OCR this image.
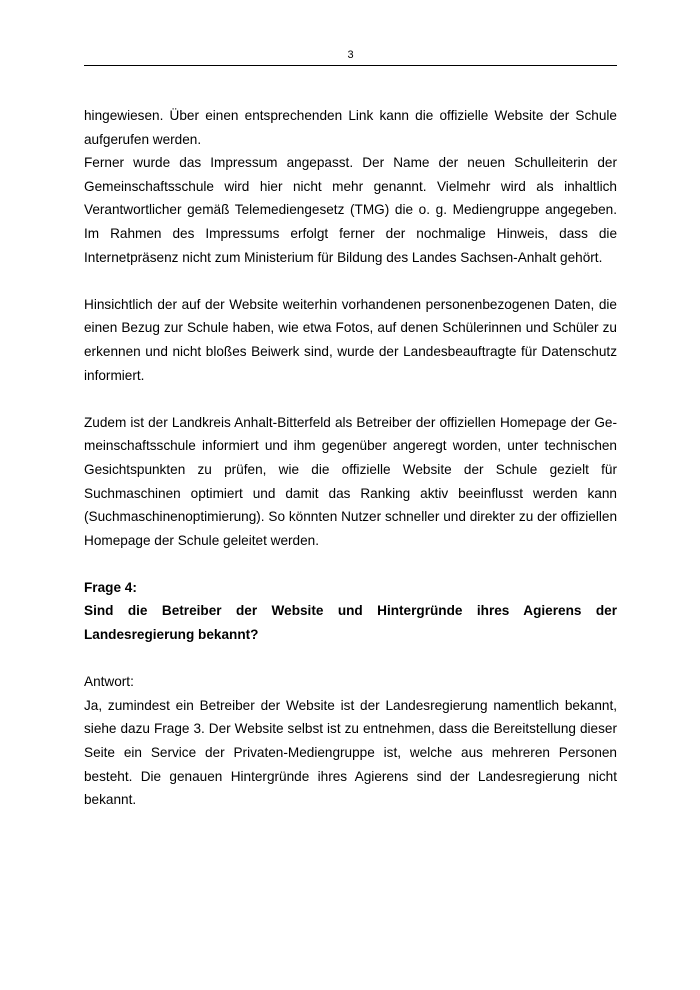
3

hingewiesen. Über einen entsprechenden Link kann die offizielle Website der Schule aufgerufen werden.

Ferner wurde das Impressum angepasst. Der Name der neuen Schulleiterin der Gemeinschaftsschule wird hier nicht mehr genannt. Vielmehr wird als inhaltlich Verantwortlicher gemäß Telemediengesetz (TMG) die o. g. Mediengruppe angegeben. Im Rahmen des Impressums erfolgt ferner der nochmalige Hinweis, dass die Internetpräsenz nicht zum Ministerium für Bildung des Landes Sachsen-Anhalt gehört.

Hinsichtlich der auf der Website weiterhin vorhandenen personenbezogenen Daten, die einen Bezug zur Schule haben, wie etwa Fotos, auf denen Schülerinnen und Schüler zu erkennen und nicht bloßes Beiwerk sind, wurde der Landesbeauftragte für Datenschutz informiert.

Zudem ist der Landkreis Anhalt-Bitterfeld als Betreiber der offiziellen Homepage der Gemeinschaftsschule informiert und ihm gegenüber angeregt worden, unter technischen Gesichtspunkten zu prüfen, wie die offizielle Website der Schule gezielt für Suchmaschinen optimiert und damit das Ranking aktiv beeinflusst werden kann (Suchmaschinenoptimierung). So könnten Nutzer schneller und direkter zu der offiziellen Homepage der Schule geleitet werden.

Frage 4:

Sind die Betreiber der Website und Hintergründe ihres Agierens der Landesregierung bekannt?

Antwort:

Ja, zumindest ein Betreiber der Website ist der Landesregierung namentlich bekannt, siehe dazu Frage 3. Der Website selbst ist zu entnehmen, dass die Bereitstellung dieser Seite ein Service der Privaten-Mediengruppe ist, welche aus mehreren Personen besteht. Die genauen Hintergründe ihres Agierens sind der Landesregierung nicht bekannt.
